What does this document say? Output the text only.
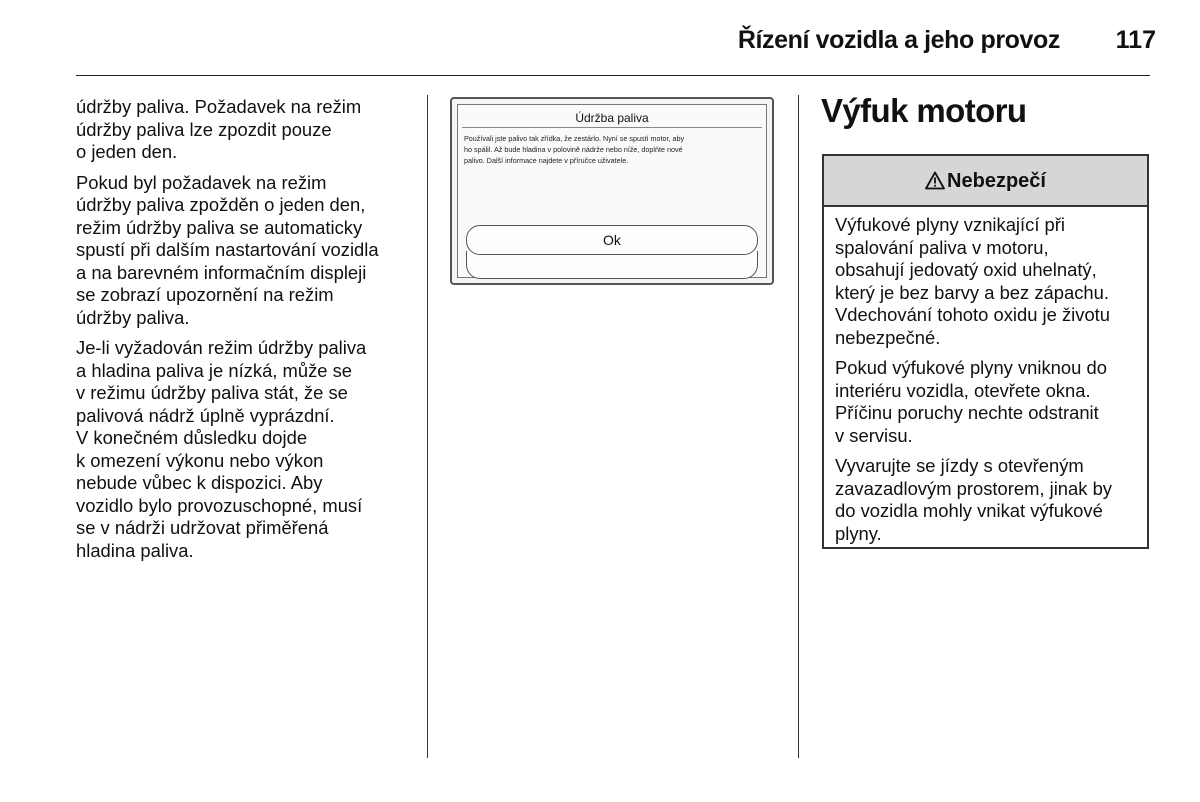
Řízení vozidla a jeho provoz	117

údržby paliva. Požadavek na režim
údržby paliva lze zpozdit pouze
o jeden den.

Pokud byl požadavek na režim
údržby paliva zpožděn o jeden den,
režim údržby paliva se automaticky
spustí při dalším nastartování vozidla
a na barevném informačním displeji
se zobrazí upozornění na režim
údržby paliva.

Je-li vyžadován režim údržby paliva
a hladina paliva je nízká, může se
v režimu údržby paliva stát, že se
palivová nádrž úplně vyprázdní.
V konečném důsledku dojde
k omezení výkonu nebo výkon
nebude vůbec k dispozici. Aby
vozidlo bylo provozuschopné, musí
se v nádrži udržovat přiměřená
hladina paliva.

Údržba paliva
Používali jste palivo tak zřídka, že zestárlo. Nyní se spustí motor, aby
ho spálil. Až bude hladina v polovině nádrže nebo níže, doplňte nové
palivo. Další informace najdete v příručce uživatele.
Ok
Výfuk motoru
Nebezpečí

Výfukové plyny vznikající při
spalování paliva v motoru,
obsahují jedovatý oxid uhelnatý,
který je bez barvy a bez zápachu.
Vdechování tohoto oxidu je životu
nebezpečné.

Pokud výfukové plyny vniknou do
interiéru vozidla, otevřete okna.
Příčinu poruchy nechte odstranit
v servisu.

Vyvarujte se jízdy s otevřeným
zavazadlovým prostorem, jinak by
do vozidla mohly vnikat výfukové
plyny.
